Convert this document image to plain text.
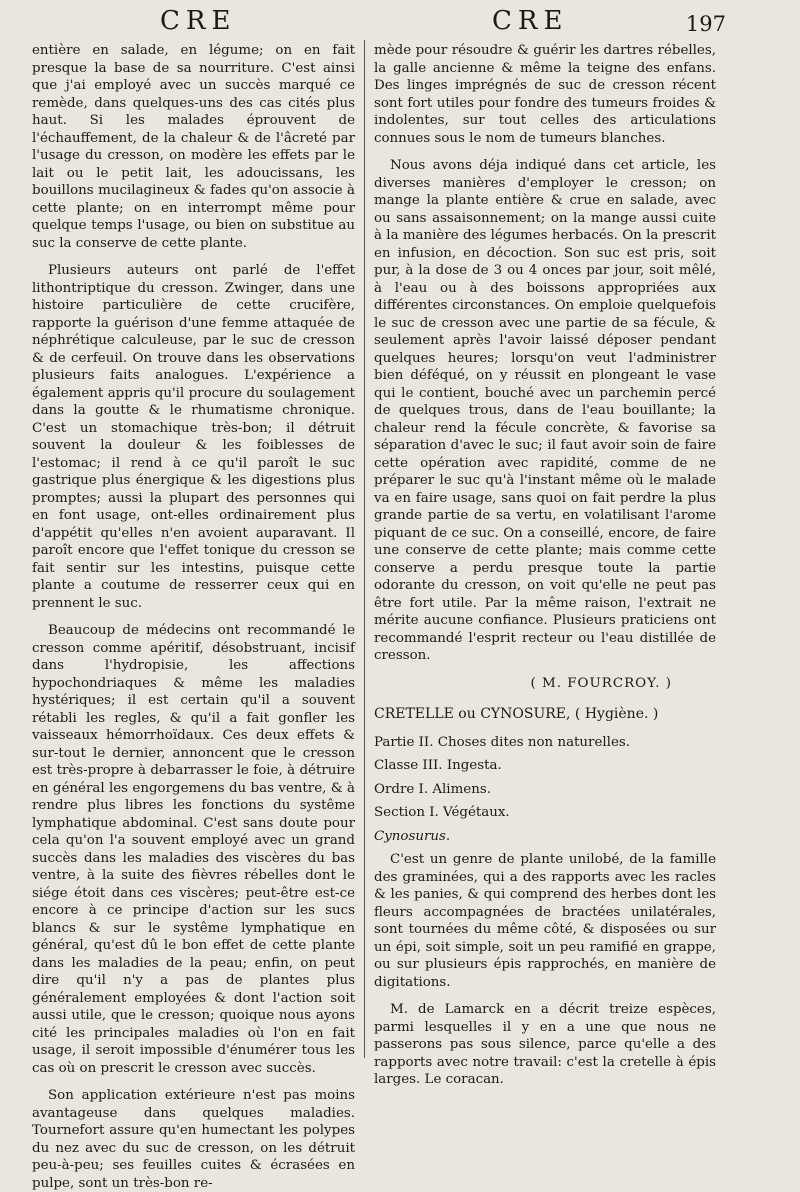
CRE	CRE	197

entière en salade, en légume; on en fait presque la base de sa nourriture. C'est ainsi que j'ai employé avec un succès marqué ce remède, dans quelques-uns des cas cités plus haut. Si les malades éprouvent de l'échauffement, de la chaleur & de l'âcreté par l'usage du cresson, on modère les effets par le lait ou le petit lait, les adoucissans, les bouillons mucilagineux & fades qu'on associe à cette plante; on en interrompt même pour quelque temps l'usage, ou bien on substitue au suc la conserve de cette plante.

Plusieurs auteurs ont parlé de l'effet lithontriptique du cresson. Zwinger, dans une histoire particulière de cette crucifère, rapporte la guérison d'une femme attaquée de néphrétique calculeuse, par le suc de cresson & de cerfeuil. On trouve dans les observations plusieurs faits analogues. L'expérience a également appris qu'il procure du soulagement dans la goutte & le rhumatisme chronique. C'est un stomachique très-bon; il détruit souvent la douleur & les foiblesses de l'estomac; il rend à ce qu'il paroît le suc gastrique plus énergique & les digestions plus promptes; aussi la plupart des personnes qui en font usage, ont-elles ordinairement plus d'appétit qu'elles n'en avoient auparavant. Il paroît encore que l'effet tonique du cresson se fait sentir sur les intestins, puisque cette plante a coutume de resserrer ceux qui en prennent le suc.

Beaucoup de médecins ont recommandé le cresson comme apéritif, désobstruant, incisif dans l'hydropisie, les affections hypochondriaques & même les maladies hystériques; il est certain qu'il a souvent rétabli les regles, & qu'il a fait gonfler les vaisseaux hémorrhoïdaux. Ces deux effets & sur-tout le dernier, annoncent que le cresson est très-propre à debarrasser le foie, à détruire en général les engorgemens du bas ventre, & à rendre plus libres les fonctions du systême lymphatique abdominal. C'est sans doute pour cela qu'on l'a souvent employé avec un grand succès dans les maladies des viscères du bas ventre, à la suite des fièvres rébelles dont le siége étoit dans ces viscères; peut-être est-ce encore à ce principe d'action sur les sucs blancs & sur le systême lymphatique en général, qu'est dû le bon effet de cette plante dans les maladies de la peau; enfin, on peut dire qu'il n'y a pas de plantes plus généralement employées & dont l'action soit aussi utile, que le cresson; quoique nous ayons cité les principales maladies où l'on en fait usage, il seroit impossible d'énumérer tous les cas où on prescrit le cresson avec succès.

Son application extérieure n'est pas moins avantageuse dans quelques maladies. Tournefort assure qu'en humectant les polypes du nez avec du suc de cresson, on les détruit peu-à-peu; ses feuilles cuites & écrasées en pulpe, sont un très-bon re-

mède pour résoudre & guérir les dartres rébelles, la galle ancienne & même la teigne des enfans. Des linges imprégnés de suc de cresson récent sont fort utiles pour fondre des tumeurs froides & indolentes, sur tout celles des articulations connues sous le nom de tumeurs blanches.

Nous avons déja indiqué dans cet article, les diverses manières d'employer le cresson; on mange la plante entière & crue en salade, avec ou sans assaisonnement; on la mange aussi cuite à la manière des légumes herbacés. On la prescrit en infusion, en décoction. Son suc est pris, soit pur, à la dose de 3 ou 4 onces par jour, soit mêlé, à l'eau ou à des boissons appropriées aux différentes circonstances. On emploie quelquefois le suc de cresson avec une partie de sa fécule, & seulement après l'avoir laissé déposer pendant quelques heures; lorsqu'on veut l'administrer bien déféqué, on y réussit en plongeant le vase qui le contient, bouché avec un parchemin percé de quelques trous, dans de l'eau bouillante; la chaleur rend la fécule concrète, & favorise sa séparation d'avec le suc; il faut avoir soin de faire cette opération avec rapidité, comme de ne préparer le suc qu'à l'instant même où le malade va en faire usage, sans quoi on fait perdre la plus grande partie de sa vertu, en volatilisant l'arome piquant de ce suc. On a conseillé, encore, de faire une conserve de cette plante; mais comme cette conserve a perdu presque toute la partie odorante du cresson, on voit qu'elle ne peut pas être fort utile. Par la même raison, l'extrait ne mérite aucune confiance. Plusieurs praticiens ont recommandé l'esprit recteur ou l'eau distillée de cresson.

( M. FOURCROY. )
CRETELLE ou CYNOSURE, ( Hygiène. )
Partie II. Choses dites non naturelles.
Classe III. Ingesta.
Ordre I. Alimens.
Section I. Végétaux.
Cynosurus.

C'est un genre de plante unilobé, de la famille des graminées, qui a des rapports avec les racles & les panies, & qui comprend des herbes dont les fleurs accompagnées de bractées unilatérales, sont tournées du même côté, & disposées ou sur un épi, soit simple, soit un peu ramifié en grappe, ou sur plusieurs épis rapprochés, en manière de digitations.

M. de Lamarck en a décrit treize espèces, parmi lesquelles il y en a une que nous ne passerons pas sous silence, parce qu'elle a des rapports avec notre travail: c'est la cretelle à épis larges. Le coracan.
